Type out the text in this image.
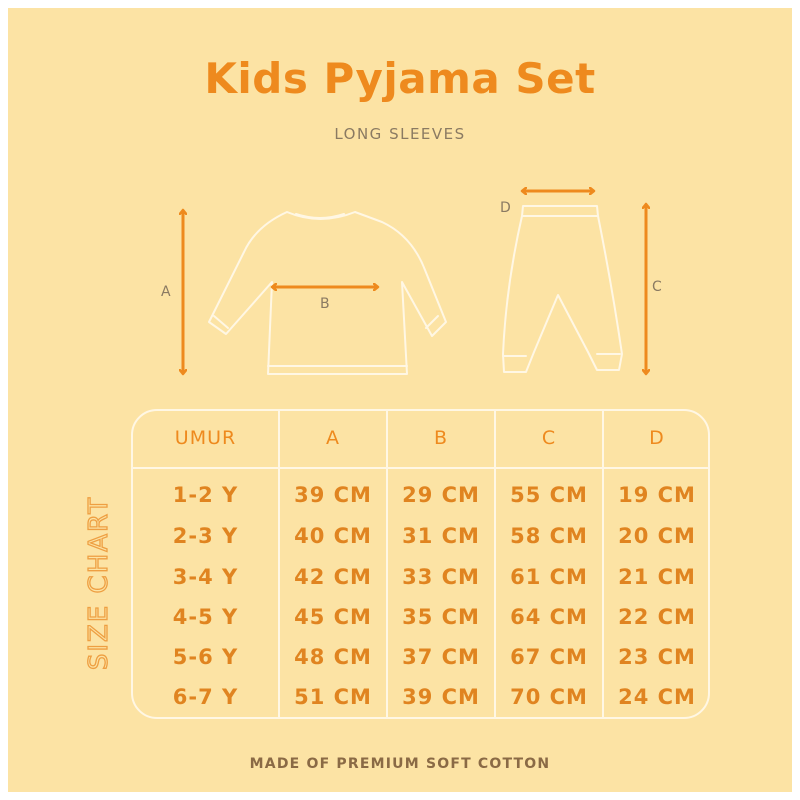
Kids Pyjama Set
LONG SLEEVES
A
B
C
D
SIZE CHART
UMUR	A	B	C	D
1-2 Y	39 CM	29 CM	55 CM	19 CM
2-3 Y	40 CM	31 CM	58 CM	20 CM
3-4 Y	42 CM	33 CM	61 CM	21 CM
4-5 Y	45 CM	35 CM	64 CM	22 CM
5-6 Y	48 CM	37 CM	67 CM	23 CM
6-7 Y	51 CM	39 CM	70 CM	24 CM
MADE OF PREMIUM SOFT COTTON
